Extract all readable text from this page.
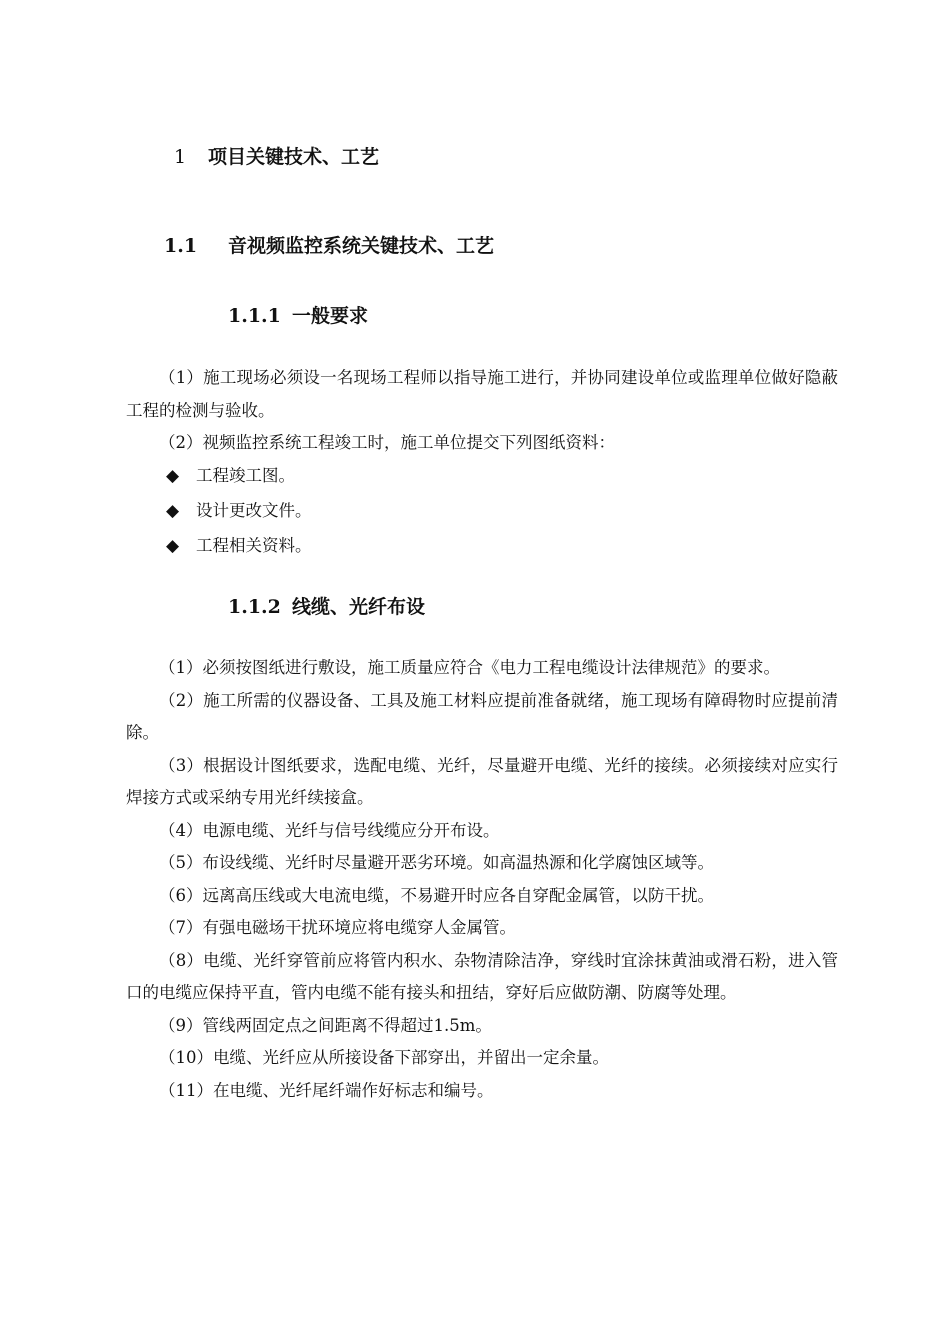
1 项目关键技术、工艺
1.1 音视频监控系统关键技术、工艺
1.1.1 一般要求

（1）施工现场必须设一名现场工程师以指导施工进行，并协同建设单位或监理单位做好隐蔽工程的检测与验收。

（2）视频监控系统工程竣工时，施工单位提交下列图纸资料：

◆ 工程竣工图。
◆ 设计更改文件。
◆ 工程相关资料。
1.1.2 线缆、光纤布设

（1）必须按图纸进行敷设，施工质量应符合《电力工程电缆设计法律规范》的要求。

（2）施工所需的仪器设备、工具及施工材料应提前准备就绪，施工现场有障碍物时应提前清除。

（3）根据设计图纸要求，选配电缆、光纤，尽量避开电缆、光纤的接续。必须接续对应实行焊接方式或采纳专用光纤续接盒。

（4）电源电缆、光纤与信号线缆应分开布设。

（5）布设线缆、光纤时尽量避开恶劣环境。如高温热源和化学腐蚀区域等。

（6）远离高压线或大电流电缆，不易避开时应各自穿配金属管，以防干扰。

（7）有强电磁场干扰环境应将电缆穿人金属管。

（8）电缆、光纤穿管前应将管内积水、杂物清除洁净，穿线时宜涂抹黄油或滑石粉，进入管口的电缆应保持平直，管内电缆不能有接头和扭结，穿好后应做防潮、防腐等处理。

（9）管线两固定点之间距离不得超过1.5m。

（10）电缆、光纤应从所接设备下部穿出，并留出一定余量。

（11）在电缆、光纤尾纤端作好标志和编号。
